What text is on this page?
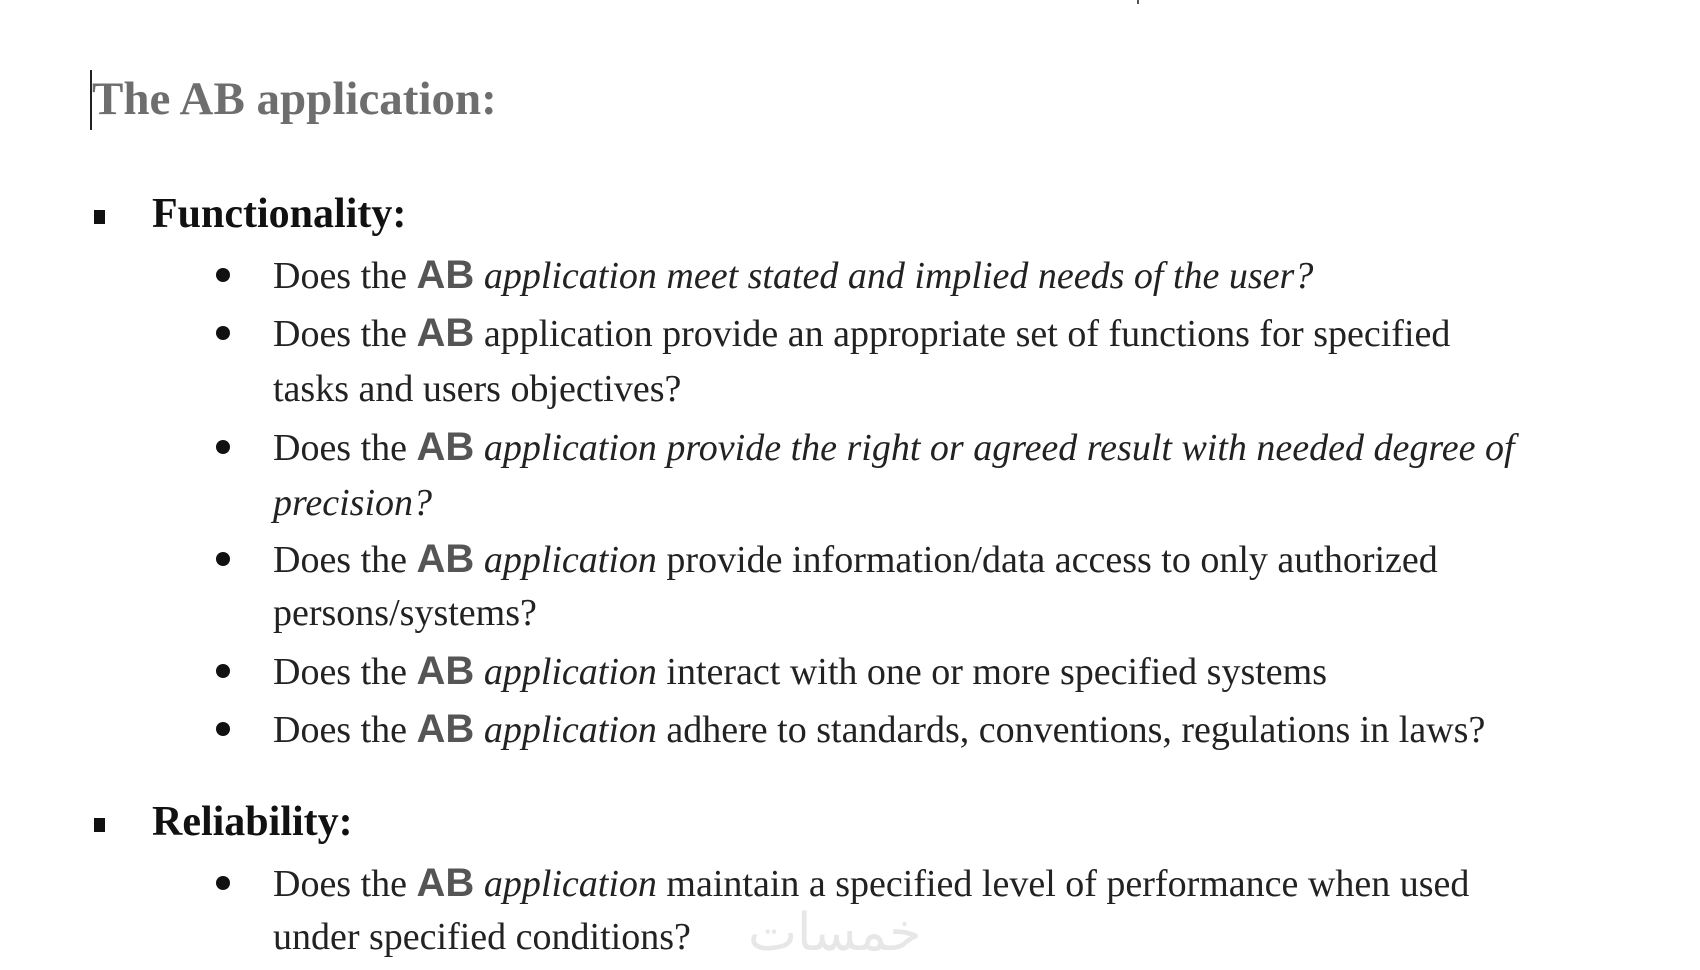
The AB application:
Functionality:
Does the AB application meet stated and implied needs of the user?
Does the AB application provide an appropriate set of functions for specified
tasks and users objectives?
Does the AB application provide the right or agreed result with needed degree of
precision?
Does the AB application provide information/data access to only authorized
persons/systems?
Does the AB application interact with one or more specified systems
Does the AB application adhere to standards, conventions, regulations in laws?
Reliability:
Does the AB application maintain a specified level of performance when used
under specified conditions? خمسات
